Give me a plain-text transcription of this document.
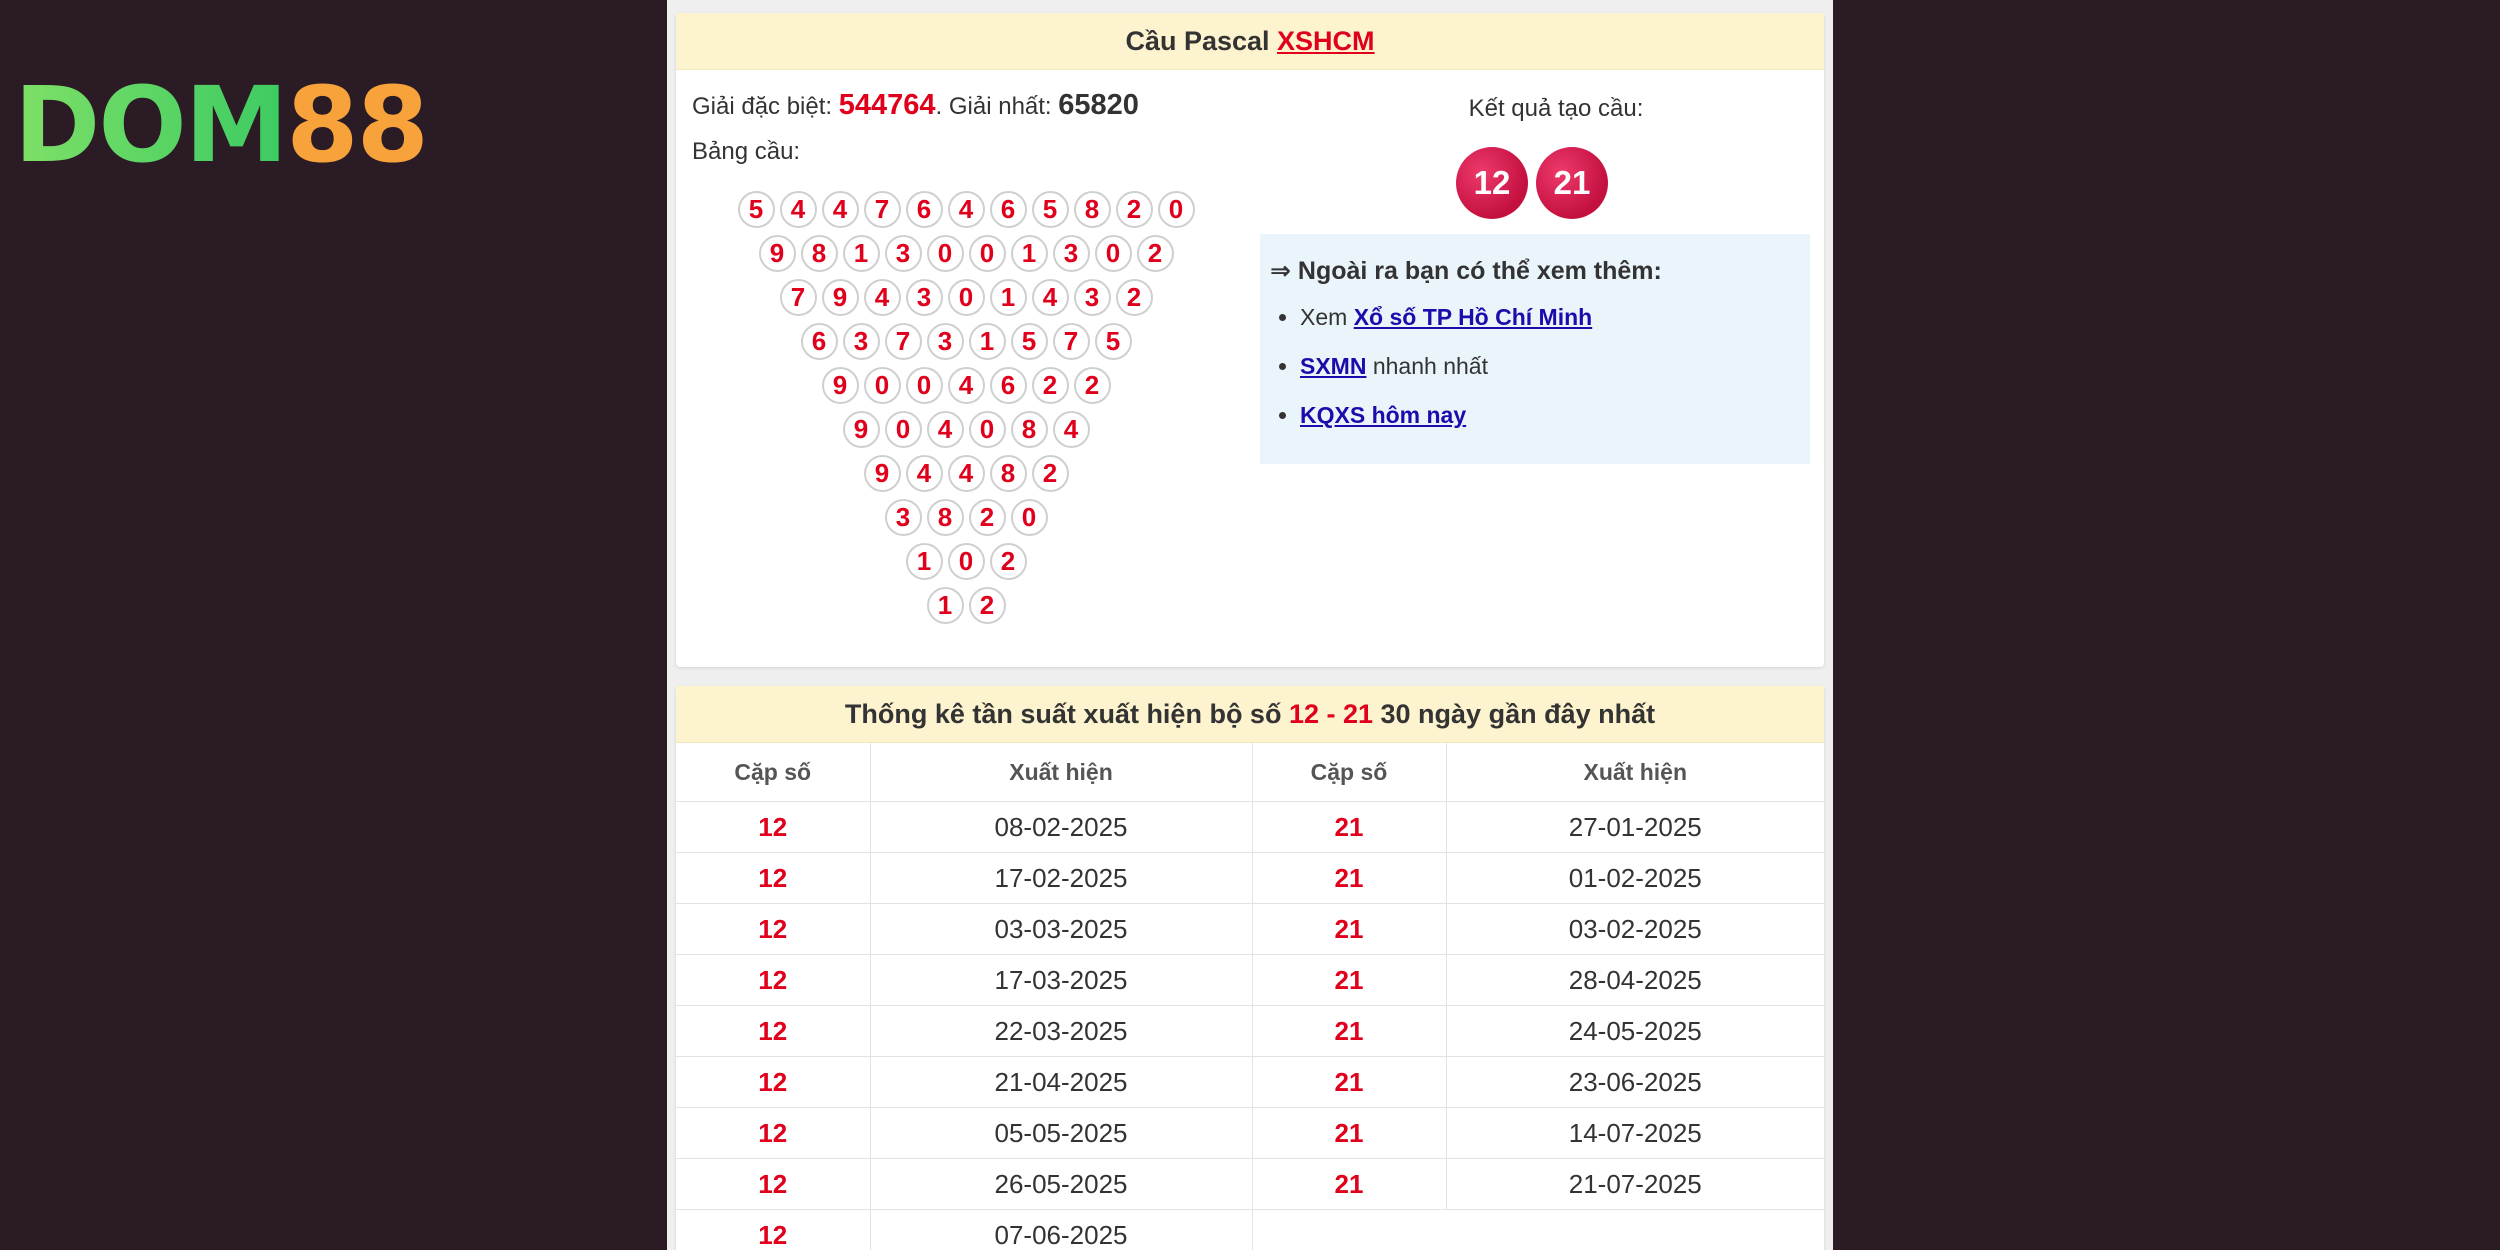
DOM 88
Cầu Pascal XSHCM
Giải đặc biệt: 544764. Giải nhất: 65820
Bảng cầu:
5	4	4	7	6	4	6	5	8	2	0
9	8	1	3	0	0	1	3	0	2
7	9	4	3	0	1	4	3	2
6	3	7	3	1	5	7	5
9	0	0	4	6	2	2
9	0	4	0	8	4
9	4	4	8	2
3	8	2	0
1	0	2
1	2
Kết quả tạo cầu:
12	21
⇒ Ngoài ra bạn có thể xem thêm:
• Xem Xổ số TP Hồ Chí Minh
• SXMN nhanh nhất
• KQXS hôm nay
Thống kê tần suất xuất hiện bộ số 12 - 21 30 ngày gần đây nhất
Cặp số	Xuất hiện	Cặp số	Xuất hiện
12	08-02-2025	21	27-01-2025
12	17-02-2025	21	01-02-2025
12	03-03-2025	21	03-02-2025
12	17-03-2025	21	28-04-2025
12	22-03-2025	21	24-05-2025
12	21-04-2025	21	23-06-2025
12	05-05-2025	21	14-07-2025
12	26-05-2025	21	21-07-2025
12	07-06-2025		
